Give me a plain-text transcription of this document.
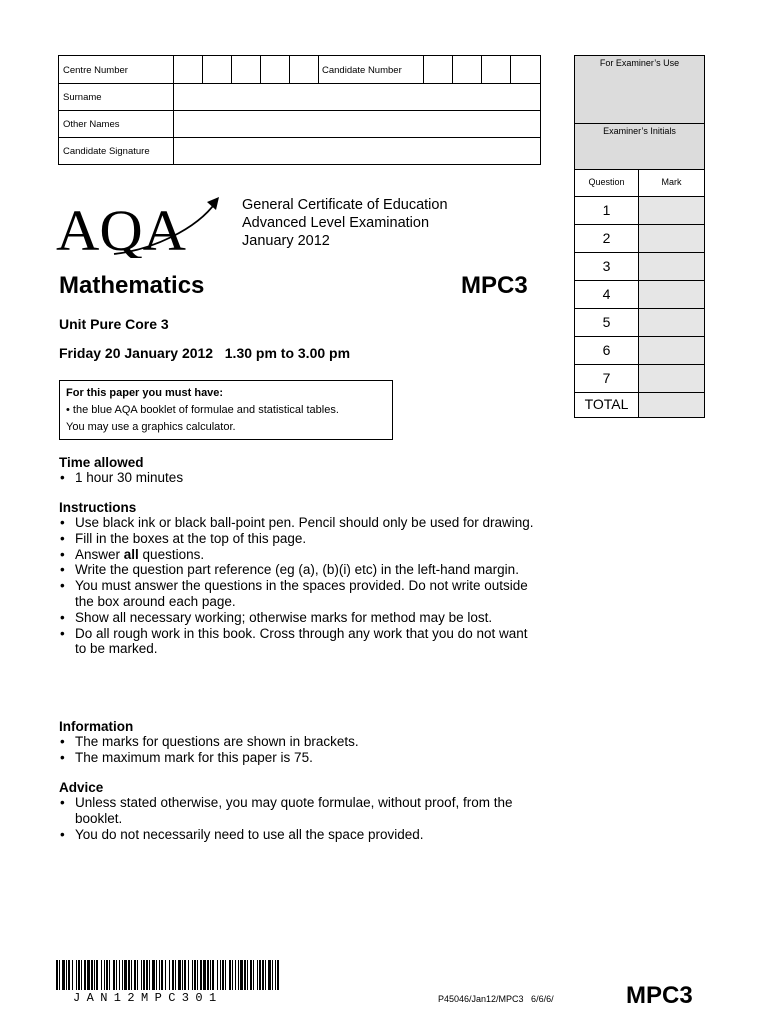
Centre Number	Candidate Number
Surname
Other Names
Candidate Signature
For Examiner’s Use
Examiner’s Initials
Question	Mark
1
2
3
4
5
6
7
TOTAL
AQA	General Certificate of Education
Advanced Level Examination
January 2012
Mathematics	MPC3
Unit Pure Core 3
Friday 20 January 2012   1.30 pm to 3.00 pm
For this paper you must have:
• the blue AQA booklet of formulae and statistical tables.
You may use a graphics calculator.
Time allowed
• 1 hour 30 minutes
Instructions
• Use black ink or black ball-point pen. Pencil should only be used for drawing.
• Fill in the boxes at the top of this page.
• Answer all questions.
• Write the question part reference (eg (a), (b)(i) etc) in the left-hand margin.
• You must answer the questions in the spaces provided. Do not write outside the box around each page.
• Show all necessary working; otherwise marks for method may be lost.
• Do all rough work in this book. Cross through any work that you do not want to be marked.
Information
• The marks for questions are shown in brackets.
• The maximum mark for this paper is 75.
Advice
• Unless stated otherwise, you may quote formulae, without proof, from the booklet.
• You do not necessarily need to use all the space provided.
JAN12MPC301	P45046/Jan12/MPC3   6/6/6/	MPC3
